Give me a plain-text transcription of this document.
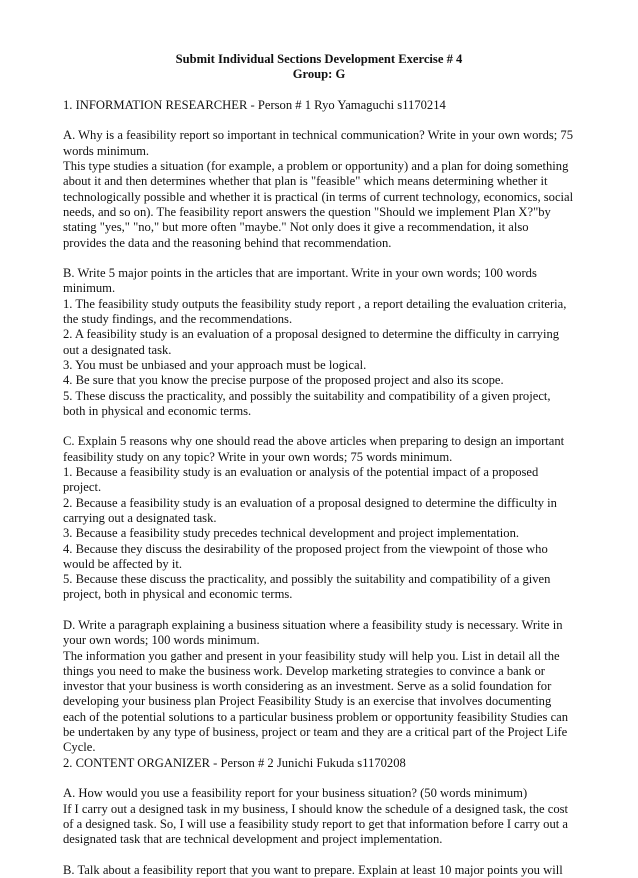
Submit Individual Sections Development Exercise # 4

Group: G

1. INFORMATION RESEARCHER - Person # 1 Ryo Yamaguchi s1170214

A. Why is a feasibility report so important in technical communication? Write in your own words; 75 words minimum.

This type studies a situation (for example, a problem or opportunity) and a plan for doing something about it and then determines whether that plan is "feasible" which means determining whether it technologically possible and whether it is practical (in terms of current technology, economics, social needs, and so on). The feasibility report answers the question "Should we implement Plan X?"by stating "yes," "no," but more often "maybe." Not only does it give a recommendation, it also provides the data and the reasoning behind that recommendation.

B. Write 5 major points in the articles that are important. Write in your own words; 100 words minimum.

1. The feasibility study outputs the feasibility study report , a report detailing the evaluation criteria, the study findings, and the recommendations.

2. A feasibility study is an evaluation of a proposal designed to determine the difficulty in carrying out a designated task.

3. You must be unbiased and your approach must be logical.

4. Be sure that you know the precise purpose of the proposed project and also its scope.

5. These discuss the practicality, and possibly the suitability and compatibility of a given project, both in physical and economic terms.

C. Explain 5 reasons why one should read the above articles when preparing to design an important feasibility study on any topic? Write in your own words; 75 words minimum.

1. Because a feasibility study is an evaluation or analysis of the potential impact of a proposed project.

2. Because a feasibility study is an evaluation of a proposal designed to determine the difficulty in carrying out a designated task.

3. Because a feasibility study precedes technical development and project implementation.

4. Because they discuss the desirability of the proposed project from the viewpoint of those who would be affected by it.

5. Because these discuss the practicality, and possibly the suitability and compatibility of a given project, both in physical and economic terms.

D. Write a paragraph explaining a business situation where a feasibility study is necessary. Write in your own words; 100 words minimum.

The information you gather and present in your feasibility study will help you. List in detail all the things you need to make the business work. Develop marketing strategies to convince a bank or investor that your business is worth considering as an investment. Serve as a solid foundation for developing your business plan Project Feasibility Study is an exercise that involves documenting each of the potential solutions to a particular business problem or opportunity feasibility Studies can be undertaken by any type of business, project or team and they are a critical part of the Project Life Cycle.

2. CONTENT ORGANIZER - Person # 2 Junichi Fukuda s1170208

A. How would you use a feasibility report for your business situation? (50 words minimum)

If I carry out a designed task in my business, I should know the schedule of a designed task, the cost of a designed task. So, I will use a feasibility study report to get that information before I carry out a designated task that are technical development and project implementation.

B. Talk about a feasibility report that you want to prepare. Explain at least 10 major points you will
